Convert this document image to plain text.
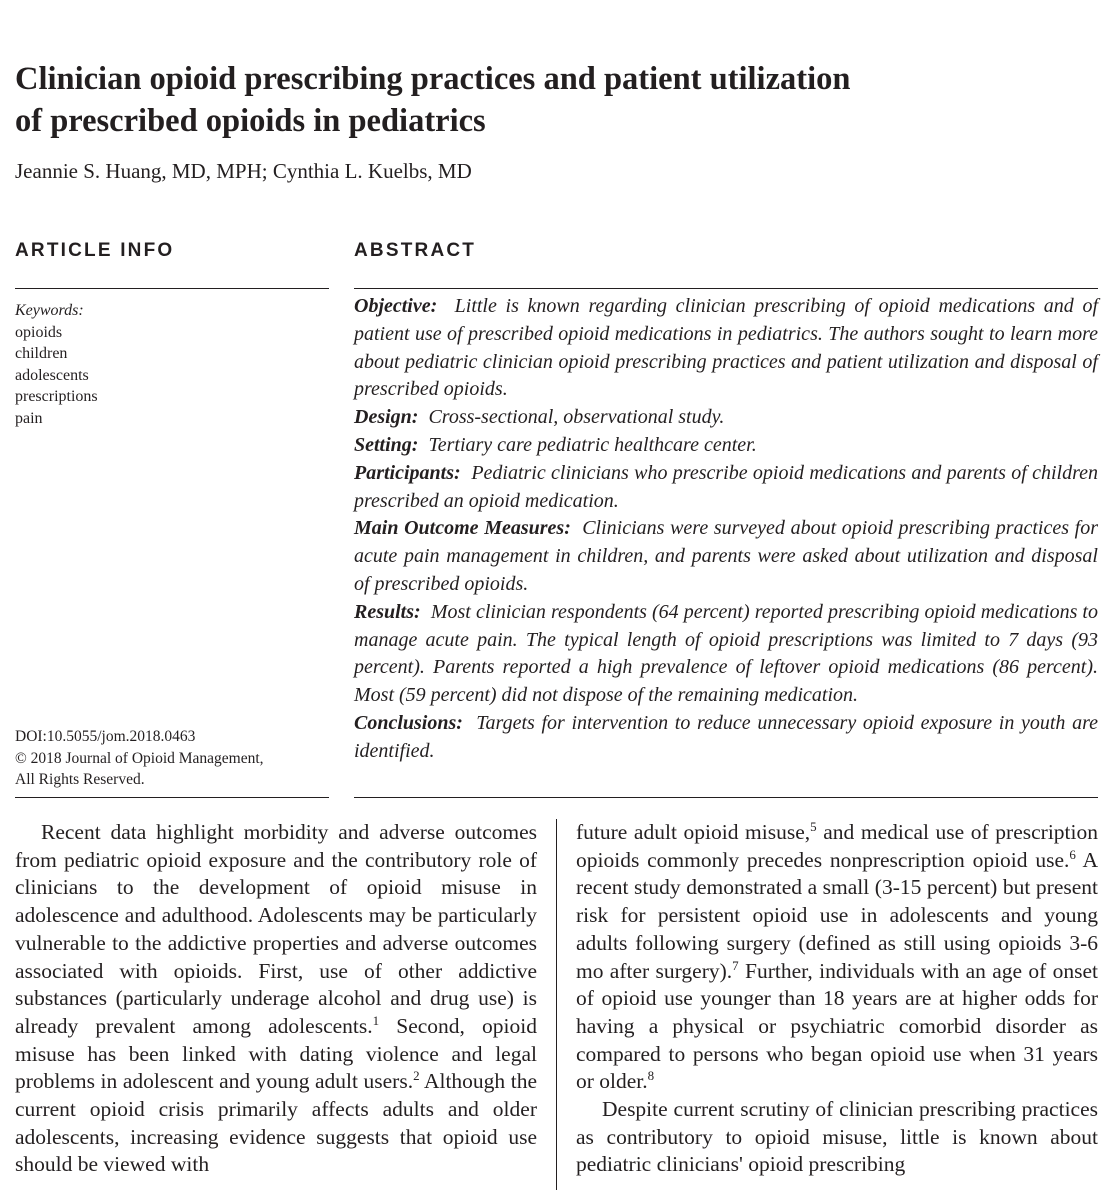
Clinician opioid prescribing practices and patient utilization
of prescribed opioids in pediatrics
Jeannie S. Huang, MD, MPH; Cynthia L. Kuelbs, MD
ARTICLE INFO	ABSTRACT
Keywords:
opioids
children
adolescents
prescriptions
pain
DOI:10.5055/jom.2018.0463
© 2018 Journal of Opioid Management,
All Rights Reserved.

Objective: Little is known regarding clinician prescribing of opioid medications and of patient use of prescribed opioid medications in pediatrics. The authors sought to learn more about pediatric clinician opioid prescribing practices and patient utilization and disposal of prescribed opioids.

Design: Cross-sectional, observational study.

Setting: Tertiary care pediatric healthcare center.

Participants: Pediatric clinicians who prescribe opioid medications and parents of children prescribed an opioid medication.

Main Outcome Measures: Clinicians were surveyed about opioid prescribing practices for acute pain management in children, and parents were asked about utilization and disposal of prescribed opioids.

Results: Most clinician respondents (64 percent) reported prescribing opioid medications to manage acute pain. The typical length of opioid prescriptions was limited to 7 days (93 percent). Parents reported a high prevalence of leftover opioid medications (86 percent). Most (59 percent) did not dispose of the remaining medication.

Conclusions: Targets for intervention to reduce unnecessary opioid exposure in youth are identified.

Recent data highlight morbidity and adverse outcomes from pediatric opioid exposure and the contributory role of clinicians to the development of opioid misuse in adolescence and adulthood. Adolescents may be particularly vulnerable to the addictive properties and adverse outcomes associated with opioids. First, use of other addictive substances (particularly underage alcohol and drug use) is already prevalent among adolescents.$^1$ Second, opioid misuse has been linked with dating violence and legal problems in adolescent and young adult users.$^2$ Although the current opioid crisis primarily affects adults and older adolescents, increasing evidence suggests that opioid use should be viewed with

future adult opioid misuse,$^5$ and medical use of prescription opioids commonly precedes nonprescription opioid use.$^6$ A recent study demonstrated a small (3-15 percent) but present risk for persistent opioid use in adolescents and young adults following surgery (defined as still using opioids 3-6 mo after surgery).$^7$ Further, individuals with an age of onset of opioid use younger than 18 years are at higher odds for having a physical or psychiatric comorbid disorder as compared to persons who began opioid use when 31 years or older.$^8$

Despite current scrutiny of clinician prescribing practices as contributory to opioid misuse, little is known about pediatric clinicians' opioid prescribing
